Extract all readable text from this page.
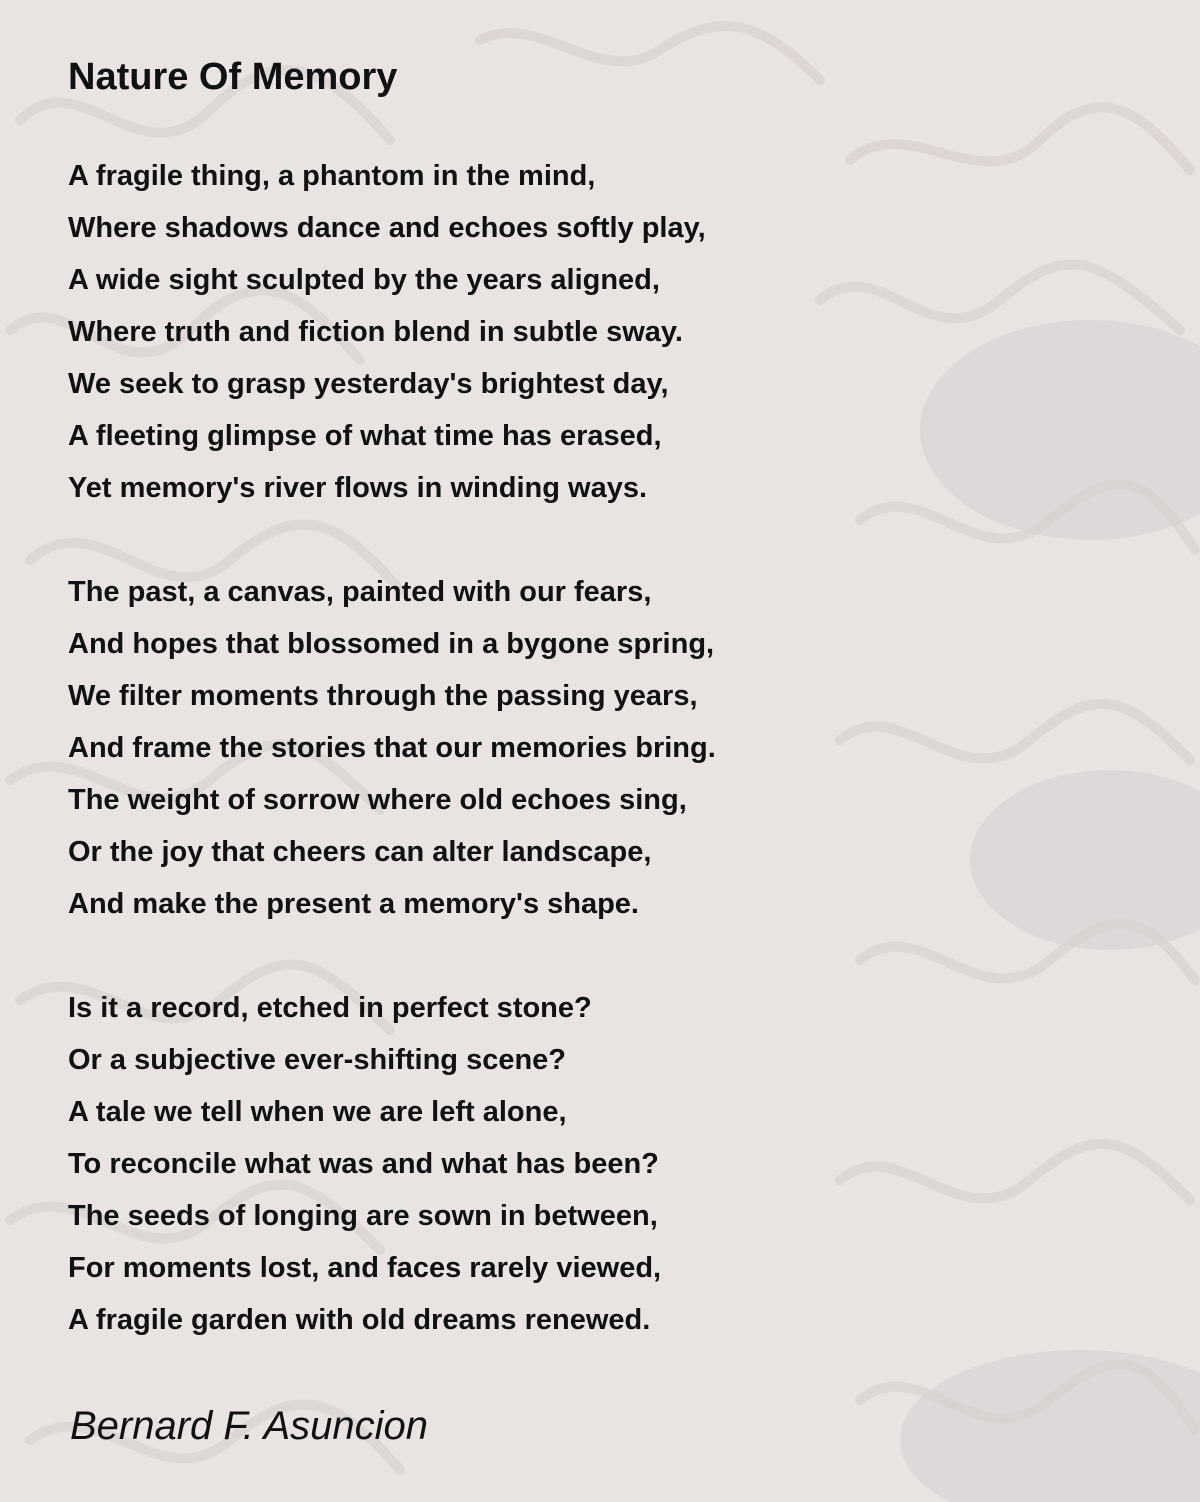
Nature Of Memory
A fragile thing, a phantom in the mind,
Where shadows dance and echoes softly play,
A wide sight sculpted by the years aligned,
Where truth and fiction blend in subtle sway.
We seek to grasp yesterday's brightest day,
A fleeting glimpse of what time has erased,
Yet memory's river flows in winding ways.
The past, a canvas, painted with our fears,
And hopes that blossomed in a bygone spring,
We filter moments through the passing years,
And frame the stories that our memories bring.
The weight of sorrow where old echoes sing,
Or the joy that cheers can alter landscape,
And make the present a memory's shape.
Is it a record, etched in perfect stone?
Or a subjective ever-shifting scene?
A tale we tell when we are left alone,
To reconcile what was and what has been?
The seeds of longing are sown in between,
For moments lost, and faces rarely viewed,
A fragile garden with old dreams renewed.

Bernard F. Asuncion
